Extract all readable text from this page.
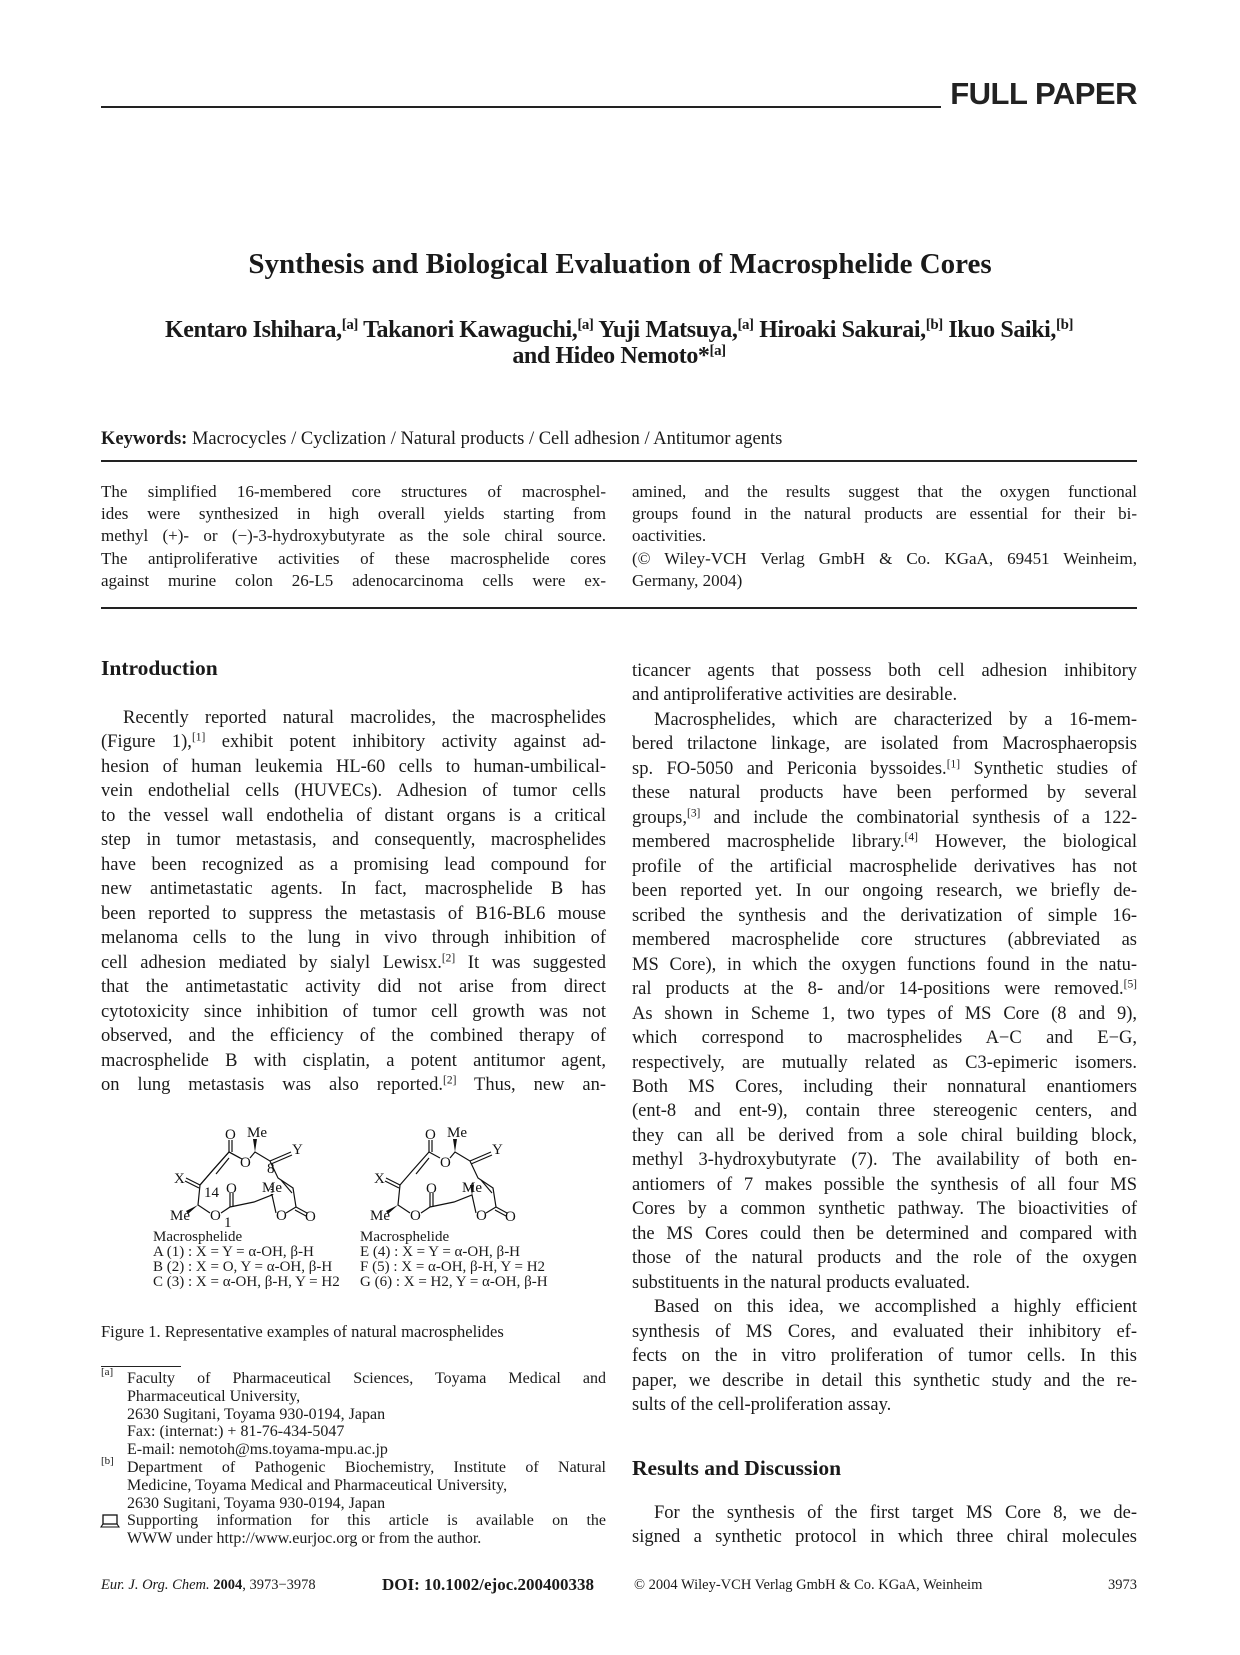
FULL PAPER
Synthesis and Biological Evaluation of Macrosphelide Cores
Kentaro Ishihara,[a] Takanori Kawaguchi,[a] Yuji Matsuya,[a] Hiroaki Sakurai,[b] Ikuo Saiki,[b]
and Hideo Nemoto*[a]
Keywords: Macrocycles / Cyclization / Natural products / Cell adhesion / Antitumor agents
The simplified 16-membered core structures of macrosphel-
ides were synthesized in high overall yields starting from
methyl (+)- or (−)-3-hydroxybutyrate as the sole chiral source.
The antiproliferative activities of these macrosphelide cores
against murine colon 26-L5 adenocarcinoma cells were ex-
amined, and the results suggest that the oxygen functional
groups found in the natural products are essential for their bi-
oactivities.
(© Wiley-VCH Verlag GmbH & Co. KGaA, 69451 Weinheim,
Germany, 2004)
Introduction
Recently reported natural macrolides, the macrosphelides
(Figure 1),[1] exhibit potent inhibitory activity against ad-
hesion of human leukemia HL-60 cells to human-umbilical-
vein endothelial cells (HUVECs). Adhesion of tumor cells
to the vessel wall endothelia of distant organs is a critical
step in tumor metastasis, and consequently, macrosphelides
have been recognized as a promising lead compound for
new antimetastatic agents. In fact, macrosphelide B has
been reported to suppress the metastasis of B16-BL6 mouse
melanoma cells to the lung in vivo through inhibition of
cell adhesion mediated by sialyl Lewisx.[2] It was suggested
that the antimetastatic activity did not arise from direct
cytotoxicity since inhibition of tumor cell growth was not
observed, and the efficiency of the combined therapy of
macrosphelide B with cisplatin, a potent antitumor agent,
on lung metastasis was also reported.[2] Thus, new an-
ticancer agents that possess both cell adhesion inhibitory
and antiproliferative activities are desirable.
Macrosphelides, which are characterized by a 16-mem-
bered trilactone linkage, are isolated from Macrosphaeropsis
sp. FO-5050 and Periconia byssoides.[1] Synthetic studies of
these natural products have been performed by several
groups,[3] and include the combinatorial synthesis of a 122-
membered macrosphelide library.[4] However, the biological
profile of the artificial macrosphelide derivatives has not
been reported yet. In our ongoing research, we briefly de-
scribed the synthesis and the derivatization of simple 16-
membered macrosphelide core structures (abbreviated as
MS Core), in which the oxygen functions found in the natu-
ral products at the 8- and/or 14-positions were removed.[5]
As shown in Scheme 1, two types of MS Core (8 and 9),
which correspond to macrosphelides A−C and E−G,
respectively, are mutually related as C3-epimeric isomers.
Both MS Cores, including their nonnatural enantiomers
(ent-8 and ent-9), contain three stereogenic centers, and
they can all be derived from a sole chiral building block,
methyl 3-hydroxybutyrate (7). The availability of both en-
antiomers of 7 makes possible the synthesis of all four MS
Cores by a common synthetic pathway. The bioactivities of
the MS Cores could then be determined and compared with
those of the natural products and the role of the oxygen
substituents in the natural products evaluated.
Based on this idea, we accomplished a highly efficient
synthesis of MS Cores, and evaluated their inhibitory ef-
fects on the in vitro proliferation of tumor cells. In this
paper, we describe in detail this synthetic study and the re-
sults of the cell-proliferation assay.
Results and Discussion
For the synthesis of the first target MS Core 8, we de-
signed a synthetic protocol in which three chiral molecules
O
O
Me
Y
O O
Me
O
O
Me
X
8
14
1
O
O
Me
Y
O O
Me
O
O
Me
X
Macrosphelide
A (1) : X = Y = α-OH, β-H
B (2) : X = O, Y = α-OH, β-H
C (3) : X = α-OH, β-H, Y = H2
Macrosphelide
E (4) : X = Y = α-OH, β-H
F (5) : X = α-OH, β-H, Y = H2
G (6) : X = H2, Y = α-OH, β-H
Figure 1. Representative examples of natural macrosphelides
[a] Faculty of Pharmaceutical Sciences, Toyama Medical and
Pharmaceutical University,
2630 Sugitani, Toyama 930-0194, Japan
Fax: (internat:) + 81-76-434-5047
E-mail: nemotoh@ms.toyama-mpu.ac.jp
[b] Department of Pathogenic Biochemistry, Institute of Natural
Medicine, Toyama Medical and Pharmaceutical University,
2630 Sugitani, Toyama 930-0194, Japan
Supporting information for this article is available on the
WWW under http://www.eurjoc.org or from the author.
Eur. J. Org. Chem. 2004, 3973−3978	DOI: 10.1002/ejoc.200400338	© 2004 Wiley-VCH Verlag GmbH & Co. KGaA, Weinheim	3973
